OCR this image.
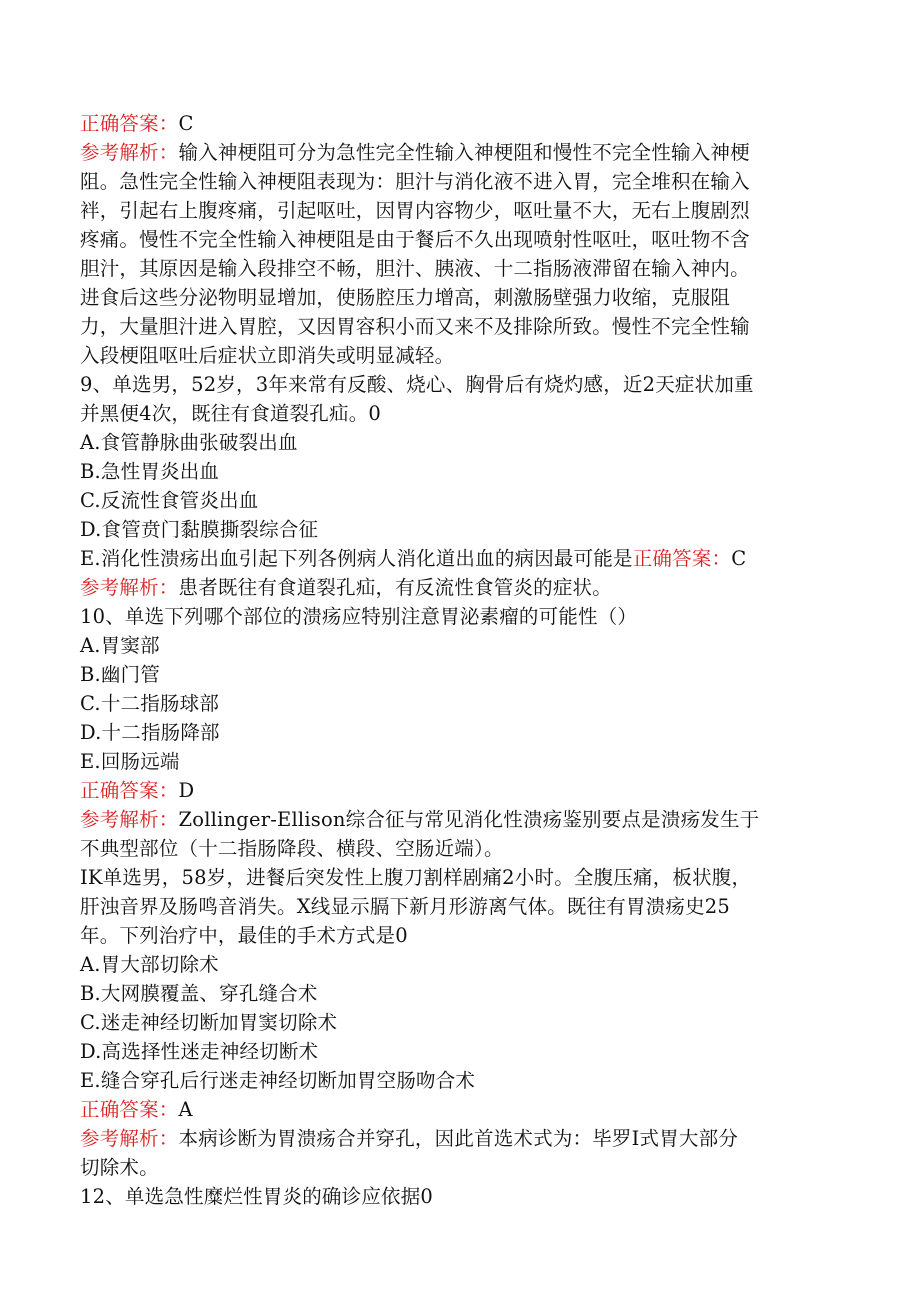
正确答案：C
参考解析：输入神梗阻可分为急性完全性输入神梗阻和慢性不完全性输入神梗
阻。急性完全性输入神梗阻表现为：胆汁与消化液不进入胃，完全堆积在输入
袢，引起右上腹疼痛，引起呕吐，因胃内容物少，呕吐量不大，无右上腹剧烈
疼痛。慢性不完全性输入神梗阻是由于餐后不久出现喷射性呕吐，呕吐物不含
胆汁，其原因是输入段排空不畅，胆汁、胰液、十二指肠液滞留在输入神内。
进食后这些分泌物明显增加，使肠腔压力增高，刺激肠壁强力收缩，克服阻
力，大量胆汁进入胃腔，又因胃容积小而又来不及排除所致。慢性不完全性输
入段梗阻呕吐后症状立即消失或明显减轻。
9、单选男，52岁，3年来常有反酸、烧心、胸骨后有烧灼感，近2天症状加重
并黑便4次，既往有食道裂孔疝。0
A.食管静脉曲张破裂出血
B.急性胃炎出血
C.反流性食管炎出血
D.食管贲门黏膜撕裂综合征
E.消化性溃疡出血引起下列各例病人消化道出血的病因最可能是正确答案：C
参考解析：患者既往有食道裂孔疝，有反流性食管炎的症状。
10、单选下列哪个部位的溃疡应特别注意胃泌素瘤的可能性（）
A.胃窦部
B.幽门管
C.十二指肠球部
D.十二指肠降部
E.回肠远端
正确答案：D
参考解析：Zollinger-Ellison综合征与常见消化性溃疡鉴别要点是溃疡发生于
不典型部位（十二指肠降段、横段、空肠近端）。
IK单选男，58岁，进餐后突发性上腹刀割样剧痛2小时。全腹压痛，板状腹，
肝浊音界及肠鸣音消失。X线显示膈下新月形游离气体。既往有胃溃疡史25
年。下列治疗中，最佳的手术方式是0
A.胃大部切除术
B.大网膜覆盖、穿孔缝合术
C.迷走神经切断加胃窦切除术
D.高选择性迷走神经切断术
E.缝合穿孔后行迷走神经切断加胃空肠吻合术
正确答案：A
参考解析：本病诊断为胃溃疡合并穿孔，因此首选术式为：毕罗I式胃大部分
切除术。
12、单选急性糜烂性胃炎的确诊应依据0
